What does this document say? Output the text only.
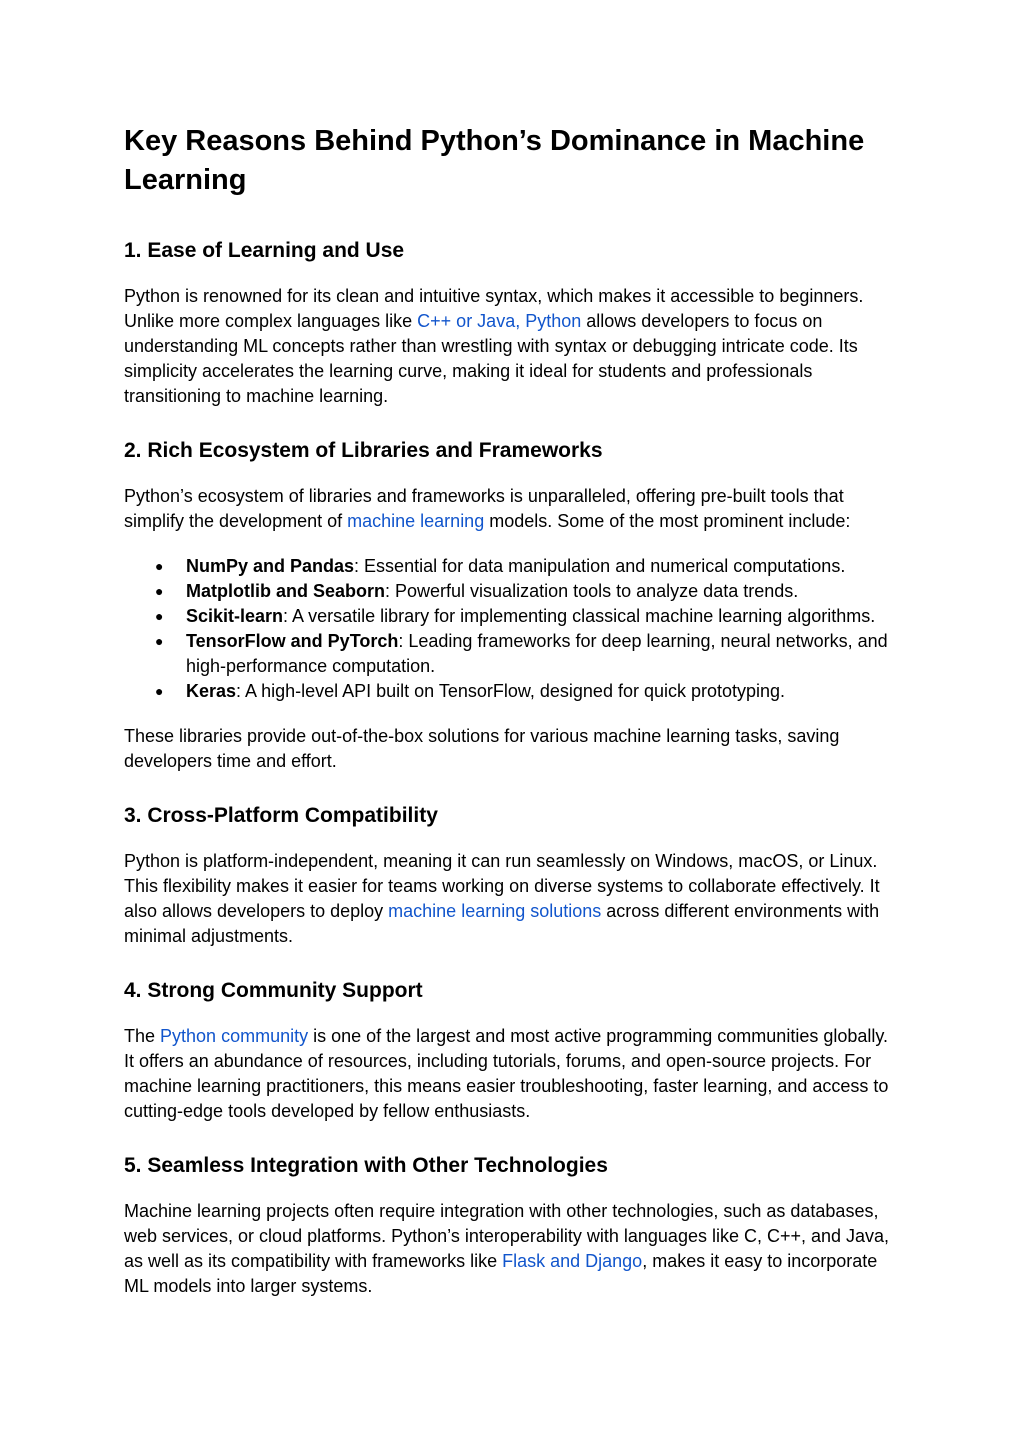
Key Reasons Behind Python’s Dominance in Machine Learning
1. Ease of Learning and Use

Python is renowned for its clean and intuitive syntax, which makes it accessible to beginners. Unlike more complex languages like C++ or Java, Python allows developers to focus on understanding ML concepts rather than wrestling with syntax or debugging intricate code. Its simplicity accelerates the learning curve, making it ideal for students and professionals transitioning to machine learning.

2. Rich Ecosystem of Libraries and Frameworks

Python’s ecosystem of libraries and frameworks is unparalleled, offering pre-built tools that simplify the development of machine learning models. Some of the most prominent include:

● NumPy and Pandas: Essential for data manipulation and numerical computations.
● Matplotlib and Seaborn: Powerful visualization tools to analyze data trends.
● Scikit-learn: A versatile library for implementing classical machine learning algorithms.
● TensorFlow and PyTorch: Leading frameworks for deep learning, neural networks, and high-performance computation.
● Keras: A high-level API built on TensorFlow, designed for quick prototyping.

These libraries provide out-of-the-box solutions for various machine learning tasks, saving developers time and effort.

3. Cross-Platform Compatibility

Python is platform-independent, meaning it can run seamlessly on Windows, macOS, or Linux. This flexibility makes it easier for teams working on diverse systems to collaborate effectively. It also allows developers to deploy machine learning solutions across different environments with minimal adjustments.

4. Strong Community Support

The Python community is one of the largest and most active programming communities globally. It offers an abundance of resources, including tutorials, forums, and open-source projects. For machine learning practitioners, this means easier troubleshooting, faster learning, and access to cutting-edge tools developed by fellow enthusiasts.

5. Seamless Integration with Other Technologies

Machine learning projects often require integration with other technologies, such as databases, web services, or cloud platforms. Python’s interoperability with languages like C, C++, and Java, as well as its compatibility with frameworks like Flask and Django, makes it easy to incorporate ML models into larger systems.
